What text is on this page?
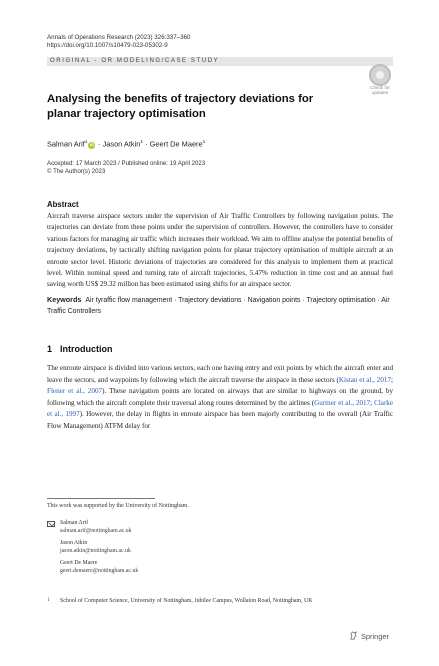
Annals of Operations Research (2023) 326:337–360
https://doi.org/10.1007/s10479-023-05302-9
ORIGINAL - OR MODELING/CASE STUDY
Check for
updates
Analysing the benefits of trajectory deviations for planar trajectory optimisation
Salman Arif$^1$ iD · Jason Atkin$^1$ · Geert De Maere$^1$
Accepted: 17 March 2023 / Published online: 19 April 2023
© The Author(s) 2023
Abstract

Aircraft traverse airspace sectors under the supervision of Air Traffic Controllers by following navigation points. The trajectories can deviate from these points under the supervision of controllers. However, the controllers have to consider various factors for managing air traffic which increases their workload. We aim to offline analyse the potential benefits of trajectory deviations, by tactically shifting navigation points for planar trajectory optimisation of multiple aircraft at an enroute sector level. Historic deviations of trajectories are considered for this analysis to implement them at practical level. Within nominal speed and turning rate of aircraft trajectories, 5.47% reduction in time cost and an annual fuel saving worth US$ 29.32 million has been estimated using shifts for an airspace sector.

Keywords Air tyraffic flow management · Trajectory deviations · Navigation points · Trajectory optimisation · Air Traffic Controllers

1 Introduction

The enroute airspace is divided into various sectors, each one having entry and exit points by which the aircraft enter and leave the sectors, and waypoints by following which the aircraft traverse the airspace in these sectors (Kistan et al., 2017; Flener et al., 2007). These navigation points are located on airways that are similar to highways on the ground, by following which the aircraft complete their traversal along routes determined by the airlines (Gurtner et al., 2017; Clarke et al., 1997). However, the delay in flights in enroute airspace has been majorly contributing to the overall (Air Traffic Flow Management) ATFM delay for

This work was supported by the University of Nottingham.
Salman Arif
salman.arif@nottingham.ac.uk
Jason Atkin
jason.atkin@nottingham.ac.uk
Geert De Maere
geert.demaere@nottingham.ac.uk
1 School of Computer Science, University of Nottingham, Jubilee Campus, Wollaton Road, Nottingham, UK
Springer
